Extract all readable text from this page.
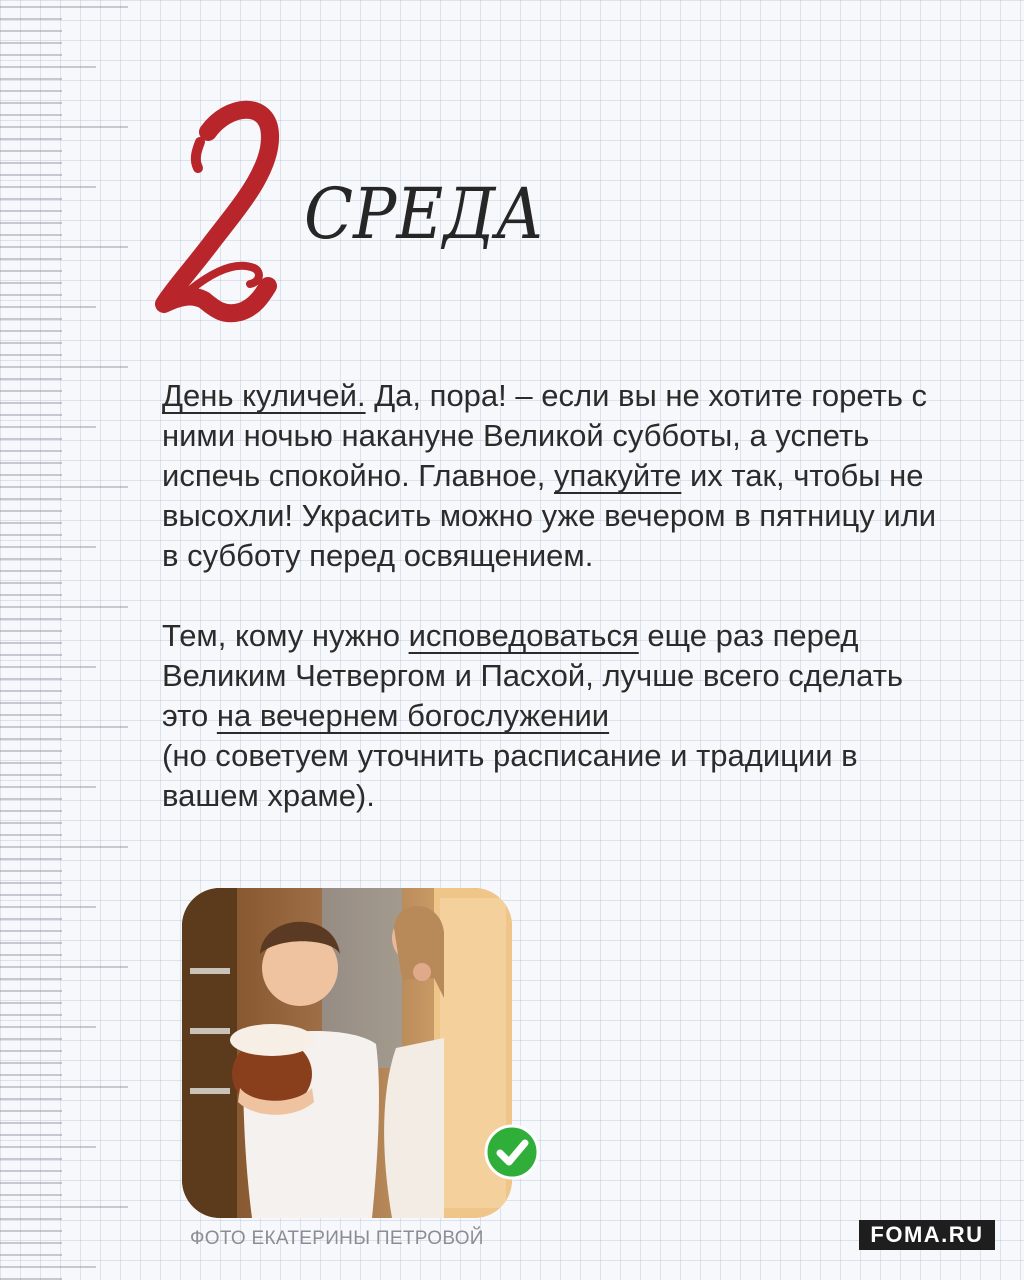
СРЕДА

День куличей. Да, пора! – если вы не хотите гореть с ними ночью накануне Великой субботы, а успеть испечь спокойно. Главное, упакуйте их так, чтобы не высохли! Украсить можно уже вечером в пятницу или в субботу перед освящением.

Тем, кому нужно исповедоваться еще раз перед Великим Четвергом и Пасхой, лучше всего сделать это на вечернем богослужении
(но советуем уточнить расписание и традиции в вашем храме).

ФОТО ЕКАТЕРИНЫ ПЕТРОВОЙ	FOMA.RU
